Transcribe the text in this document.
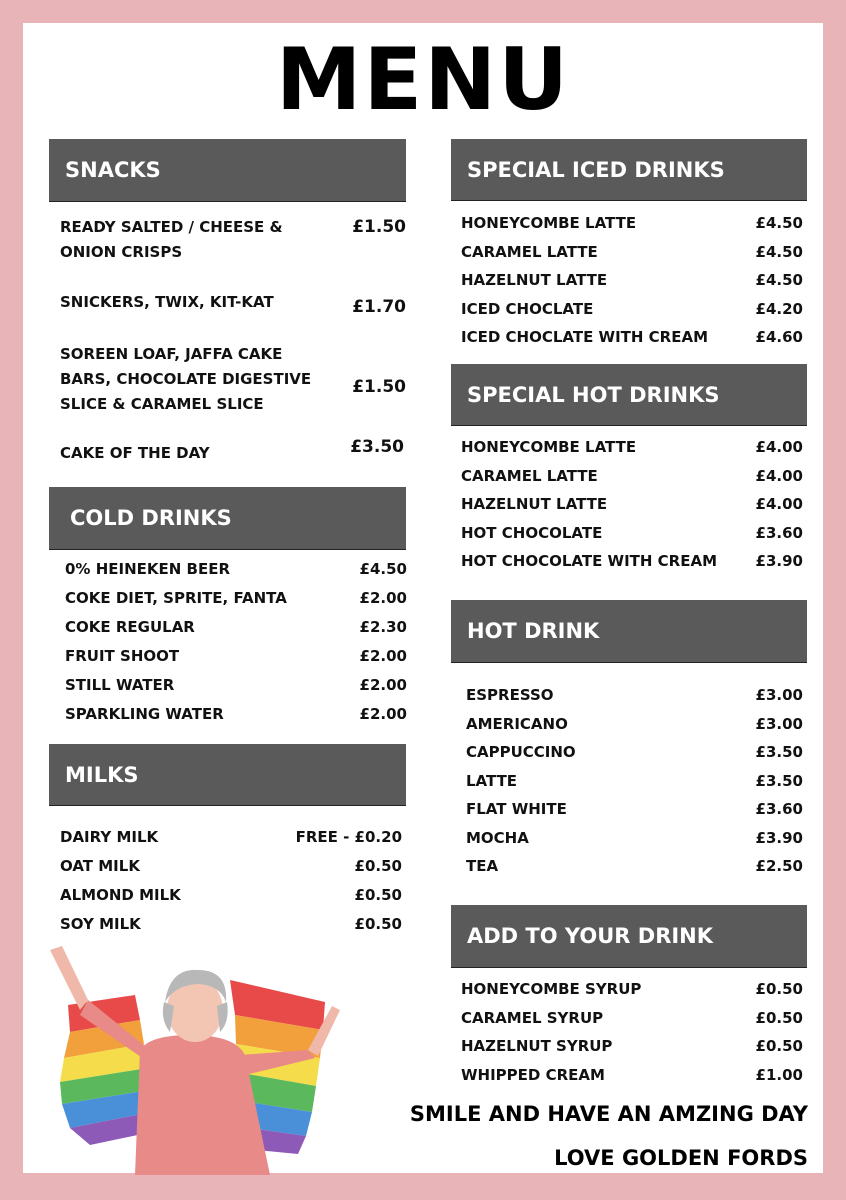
MENU
SNACKS
READY SALTED / CHEESE & ONION CRISPS
£1.50
SNICKERS, TWIX, KIT-KAT	£1.70
SOREEN LOAF, JAFFA CAKE BARS, CHOCOLATE DIGESTIVE SLICE & CARAMEL SLICE
£1.50
CAKE OF THE DAY	£3.50
COLD DRINKS
0% HEINEKEN BEER	£4.50
COKE DIET, SPRITE, FANTA	£2.00
COKE REGULAR	£2.30
FRUIT SHOOT	£2.00
STILL WATER	£2.00
SPARKLING WATER	£2.00
MILKS
DAIRY MILK	FREE - £0.20
OAT MILK	£0.50
ALMOND MILK	£0.50
SOY MILK	£0.50
SPECIAL ICED DRINKS
HONEYCOMBE LATTE	£4.50
CARAMEL LATTE	£4.50
HAZELNUT LATTE	£4.50
ICED CHOCLATE	£4.20
ICED CHOCLATE WITH CREAM	£4.60
SPECIAL HOT DRINKS
HONEYCOMBE LATTE	£4.00
CARAMEL LATTE	£4.00
HAZELNUT LATTE	£4.00
HOT CHOCOLATE	£3.60
HOT CHOCOLATE WITH CREAM	£3.90
HOT DRINK
ESPRESSO	£3.00
AMERICANO	£3.00
CAPPUCCINO	£3.50
LATTE	£3.50
FLAT WHITE	£3.60
MOCHA	£3.90
TEA	£2.50
ADD TO YOUR DRINK
HONEYCOMBE SYRUP	£0.50
CARAMEL SYRUP	£0.50
HAZELNUT SYRUP	£0.50
WHIPPED CREAM	£1.00
SMILE AND HAVE AN AMZING DAY
LOVE GOLDEN FORDS
